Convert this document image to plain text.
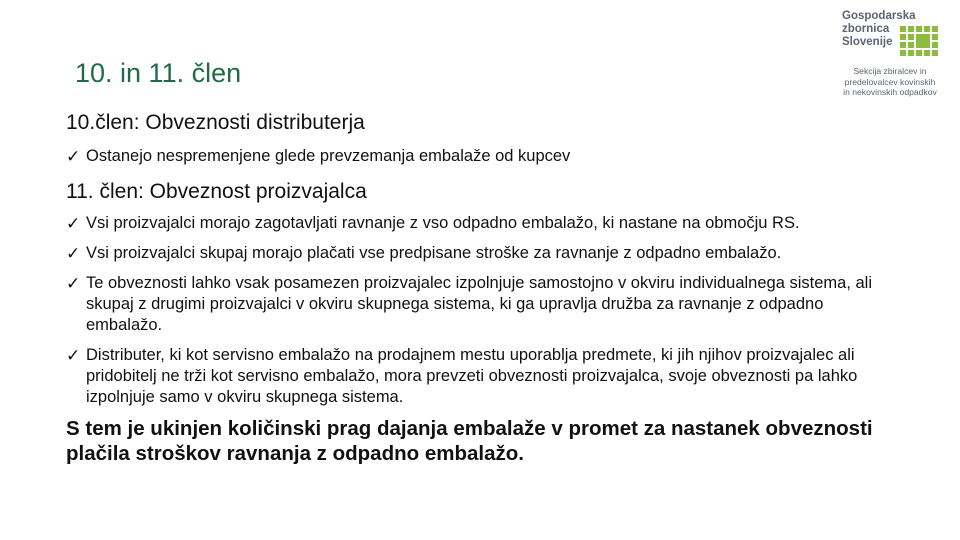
10. in 11. člen
Gospodarska
zbornica
Slovenije
Sekcija zbiralcev in
predelovalcev kovinskih
in nekovinskih odpadkov
10.člen: Obveznosti distributerja
✓ Ostanejo nespremenjene glede prevzemanja embalaže od kupcev
11. člen: Obveznost proizvajalca
✓ Vsi proizvajalci morajo zagotavljati ravnanje z vso odpadno embalažo, ki nastane na območju RS.
✓ Vsi proizvajalci skupaj morajo plačati vse predpisane stroške za ravnanje z odpadno embalažo.
✓ Te obveznosti lahko vsak posamezen proizvajalec izpolnjuje samostojno v okviru individualnega sistema, ali skupaj z drugimi proizvajalci v okviru skupnega sistema, ki ga upravlja družba za ravnanje z odpadno embalažo.
✓ Distributer, ki kot servisno embalažo na prodajnem mestu uporablja predmete, ki jih njihov proizvajalec ali pridobitelj ne trži kot servisno embalažo, mora prevzeti obveznosti proizvajalca, svoje obveznosti pa lahko izpolnjuje samo v okviru skupnega sistema.
S tem je ukinjen količinski prag dajanja embalaže v promet za nastanek obveznosti plačila stroškov ravnanja z odpadno embalažo.
